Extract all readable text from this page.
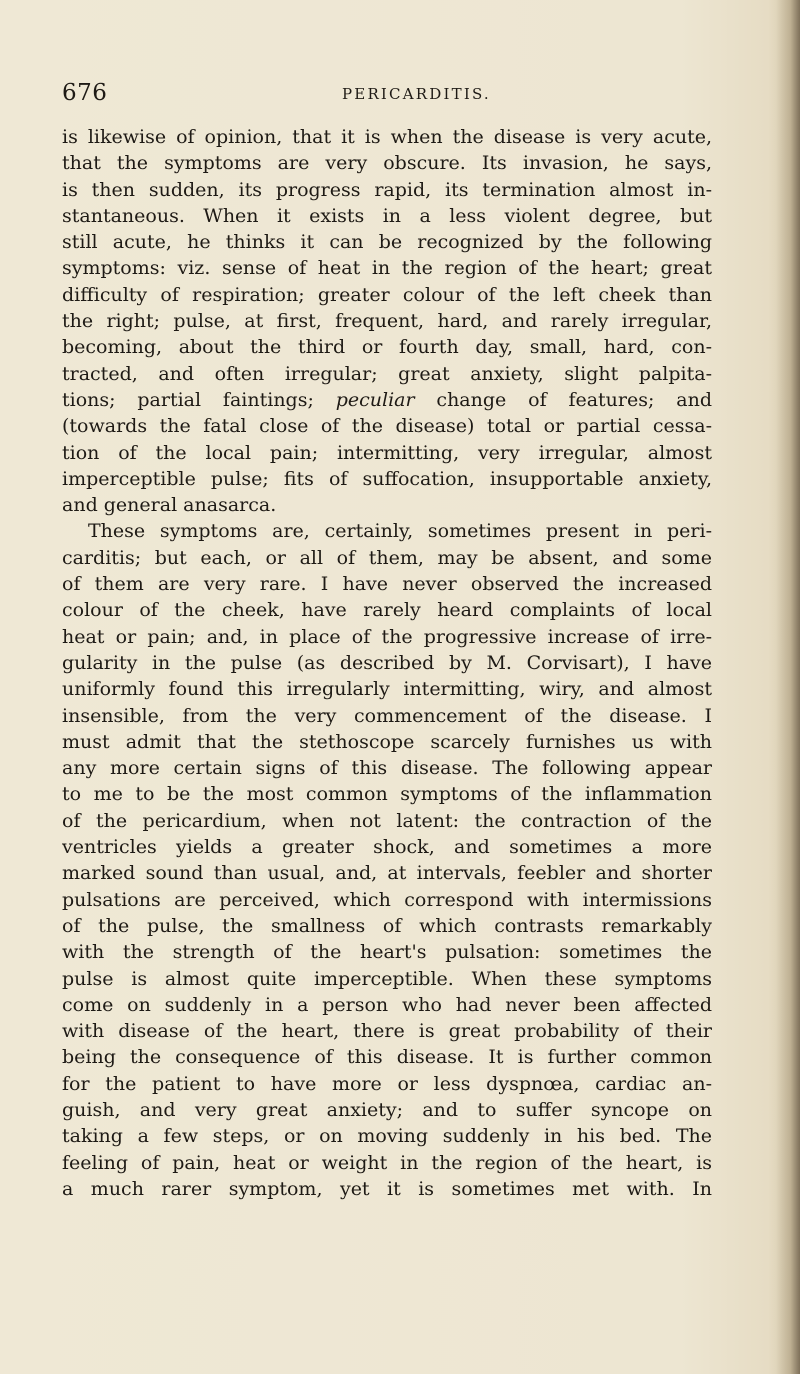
676	PERICARDITIS.
is likewise of opinion, that it is when the disease is very acute,
that the symptoms are very obscure. Its invasion, he says,
is then sudden, its progress rapid, its termination almost in-
stantaneous. When it exists in a less violent degree, but
still acute, he thinks it can be recognized by the following
symptoms: viz. sense of heat in the region of the heart; great
difficulty of respiration; greater colour of the left cheek than
the right; pulse, at first, frequent, hard, and rarely irregular,
becoming, about the third or fourth day, small, hard, con-
tracted, and often irregular; great anxiety, slight palpita-
tions; partial faintings; peculiar change of features; and
(towards the fatal close of the disease) total or partial cessa-
tion of the local pain; intermitting, very irregular, almost
imperceptible pulse; fits of suffocation, insupportable anxiety,
and general anasarca.
These symptoms are, certainly, sometimes present in peri-
carditis; but each, or all of them, may be absent, and some
of them are very rare. I have never observed the increased
colour of the cheek, have rarely heard complaints of local
heat or pain; and, in place of the progressive increase of irre-
gularity in the pulse (as described by M. Corvisart), I have
uniformly found this irregularly intermitting, wiry, and almost
insensible, from the very commencement of the disease. I
must admit that the stethoscope scarcely furnishes us with
any more certain signs of this disease. The following appear
to me to be the most common symptoms of the inflammation
of the pericardium, when not latent: the contraction of the
ventricles yields a greater shock, and sometimes a more
marked sound than usual, and, at intervals, feebler and shorter
pulsations are perceived, which correspond with intermissions
of the pulse, the smallness of which contrasts remarkably
with the strength of the heart's pulsation: sometimes the
pulse is almost quite imperceptible. When these symptoms
come on suddenly in a person who had never been affected
with disease of the heart, there is great probability of their
being the consequence of this disease. It is further common
for the patient to have more or less dyspnœa, cardiac an-
guish, and very great anxiety; and to suffer syncope on
taking a few steps, or on moving suddenly in his bed. The
feeling of pain, heat or weight in the region of the heart, is
a much rarer symptom, yet it is sometimes met with. In
